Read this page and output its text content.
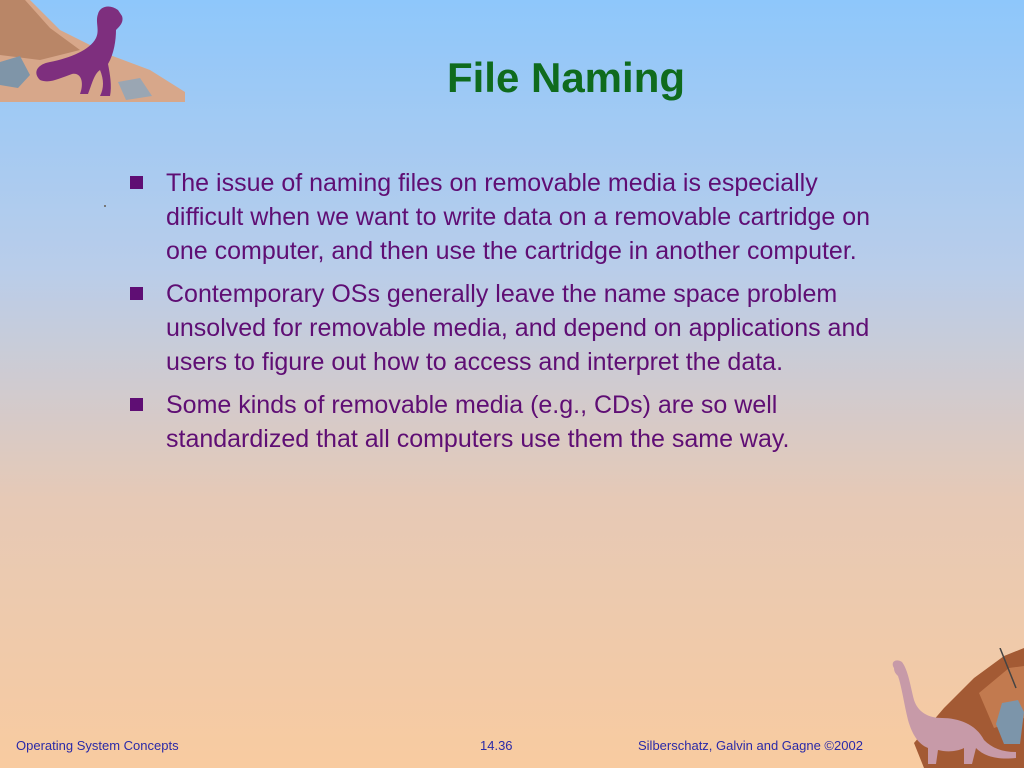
File Naming
The issue of naming files on removable media is especially difficult when we want to write data on a removable cartridge on one computer, and then use the cartridge in another computer.
Contemporary OSs generally leave the name space problem unsolved for removable media, and depend on applications and users to figure out how to access and interpret the data.
Some kinds of removable media (e.g., CDs) are so well standardized that all computers use them the same way.
Operating System Concepts	14.36	Silberschatz, Galvin and Gagne ©2002
